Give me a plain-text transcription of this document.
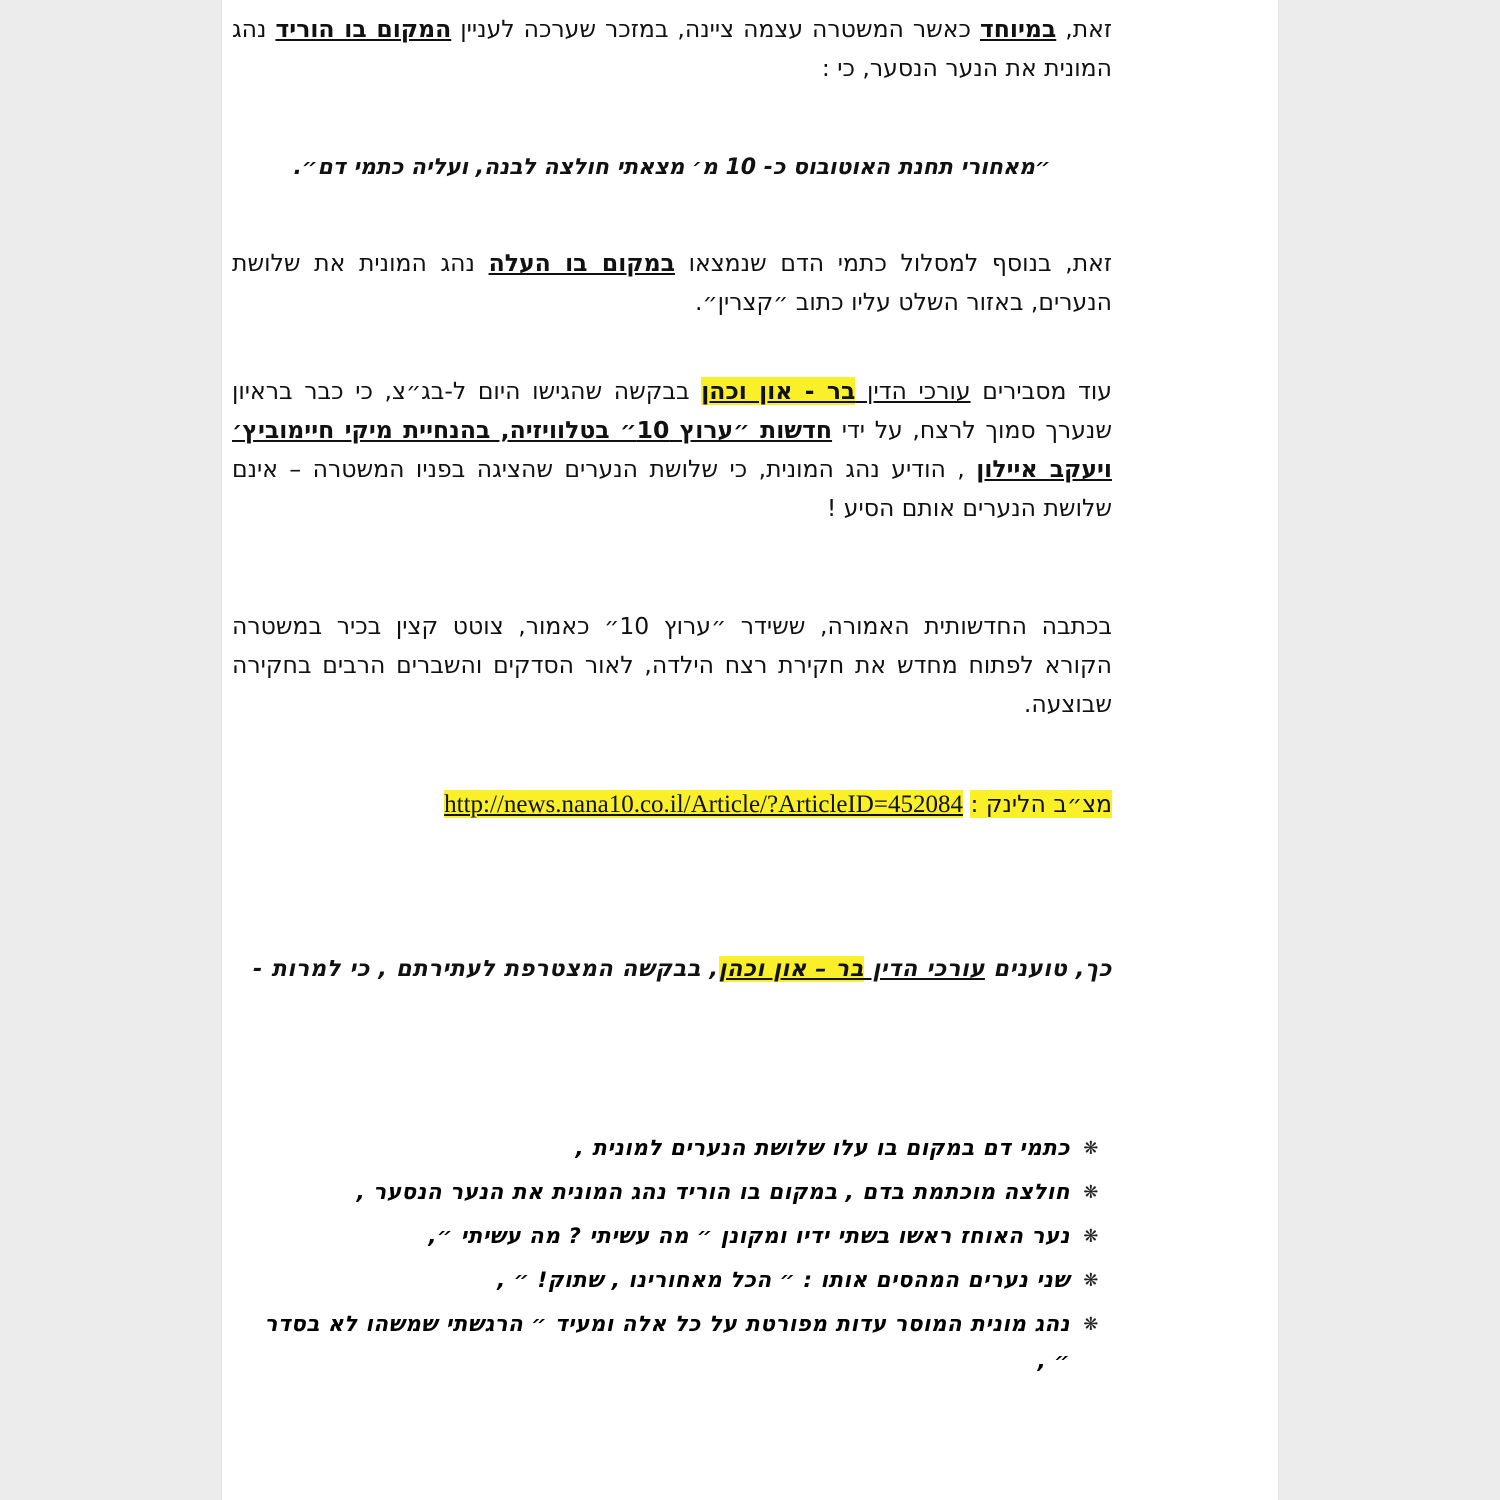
זאת, במיוחד כאשר המשטרה עצמה ציינה, במזכר שערכה לעניין המקום בו הוריד נהג המונית את הנער הנסער, כי :

״מאחורי תחנת האוטובוס כ- 10 מ׳ מצאתי חולצה לבנה, ועליה כתמי דם״.

זאת, בנוסף למסלול כתמי הדם שנמצאו במקום בו העלה נהג המונית את שלושת הנערים, באזור השלט עליו כתוב ״קצרין״.

עוד מסבירים עורכי הדין בר - און וכהן בבקשה שהגישו היום ל-בג״צ, כי כבר בראיון שנערך סמוך לרצח, על ידי חדשות ״ערוץ 10״ בטלוויזיה, בהנחיית מיקי חיימוביץ׳ ויעקב איילון , הודיע נהג המונית, כי שלושת הנערים שהציגה בפניו המשטרה – אינם שלושת הנערים אותם הסיע !

בכתבה החדשותית האמורה, ששידר ״ערוץ 10״ כאמור, צוטט קצין בכיר במשטרה הקורא לפתוח מחדש את חקירת רצח הילדה, לאור הסדקים והשברים הרבים בחקירה שבוצעה.

מצ״ב הלינק : http://news.nana10.co.il/Article/?ArticleID=452084

כך, טוענים עורכי הדין בר – און וכהן, בבקשה המצטרפת לעתירתם , כי למרות -

❋
כתמי דם במקום בו עלו שלושת הנערים למונית ,
❋
חולצה מוכתמת בדם , במקום בו הוריד נהג המונית את הנער הנסער ,
❋
נער האוחז ראשו בשתי ידיו ומקונן ״ מה עשיתי ? מה עשיתי ״,
❋
שני נערים המהסים אותו : ״ הכל מאחורינו , שתוק! ״ ,
❋
נהג מונית המוסר עדות מפורטת על כל אלה ומעיד ״ הרגשתי שמשהו לא בסדר ״ ,
